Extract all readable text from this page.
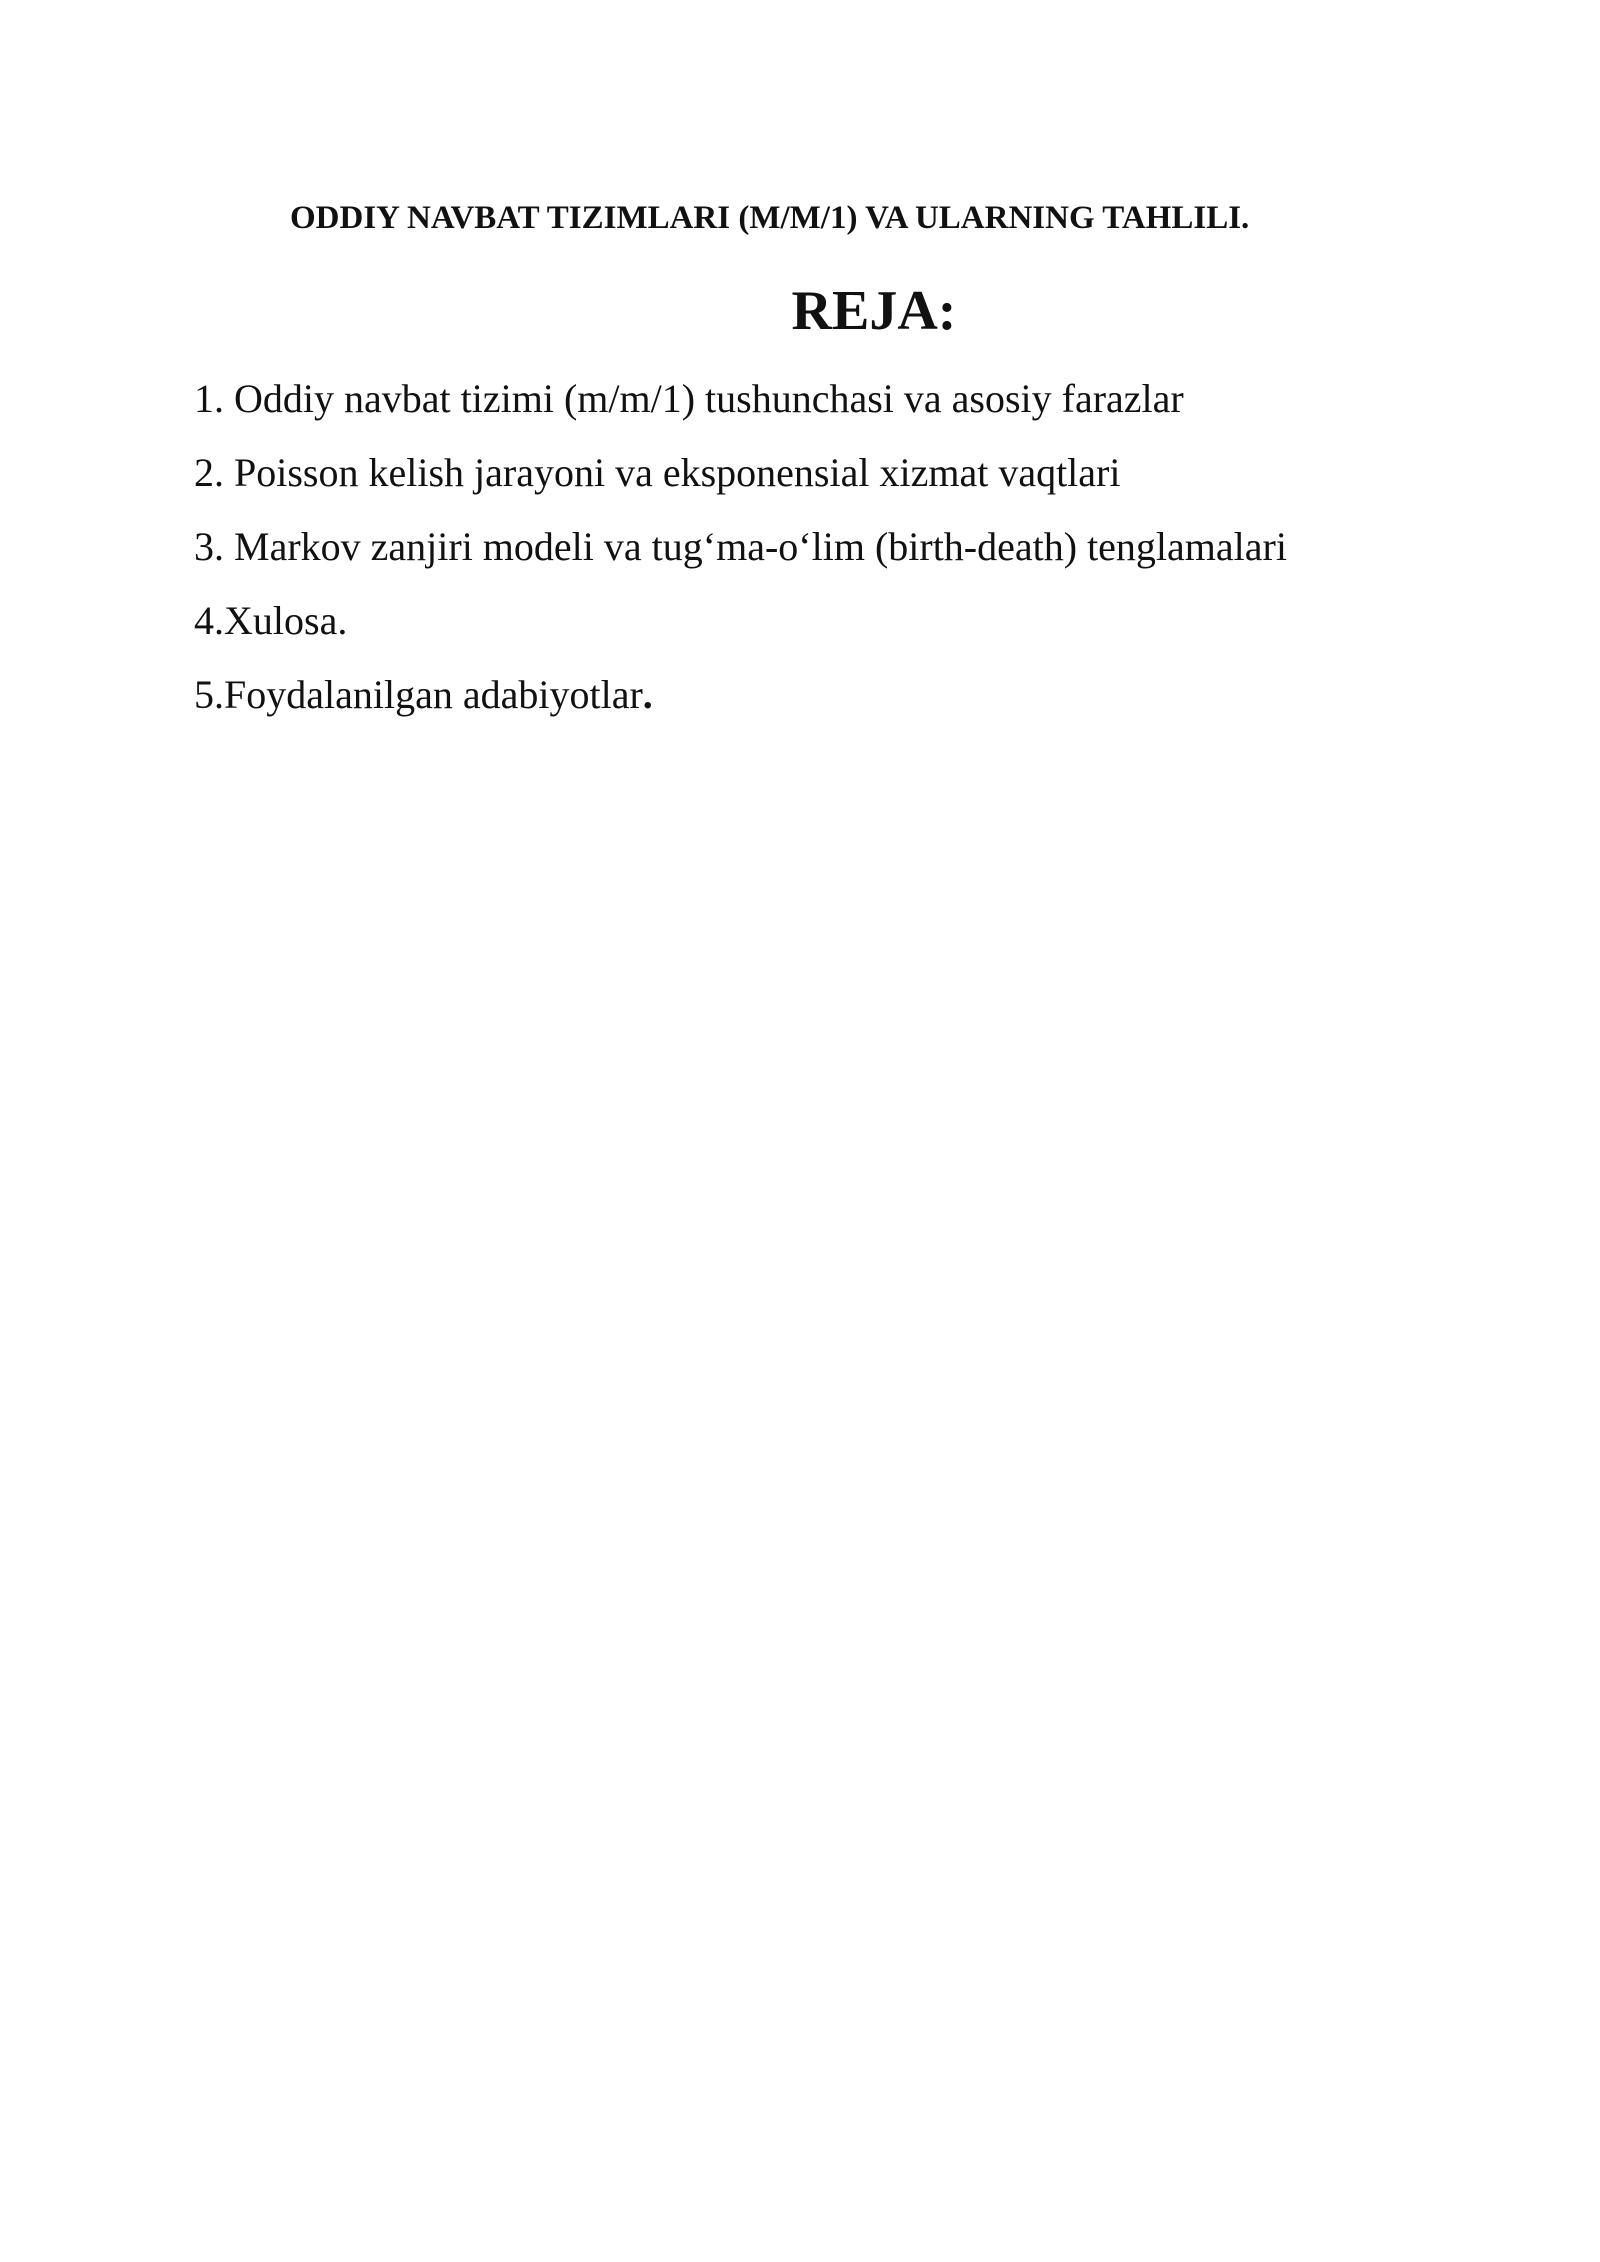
ODDIY NAVBAT TIZIMLARI (M/M/1) VA ULARNING TAHLILI.
REJA:
1. Oddiy navbat tizimi (m/m/1) tushunchasi va asosiy farazlar
2. Poisson kelish jarayoni va eksponensial xizmat vaqtlari
3. Markov zanjiri modeli va tug‘ma-o‘lim (birth-death) tenglamalari
4.Xulosa.
5.Foydalanilgan adabiyotlar.
